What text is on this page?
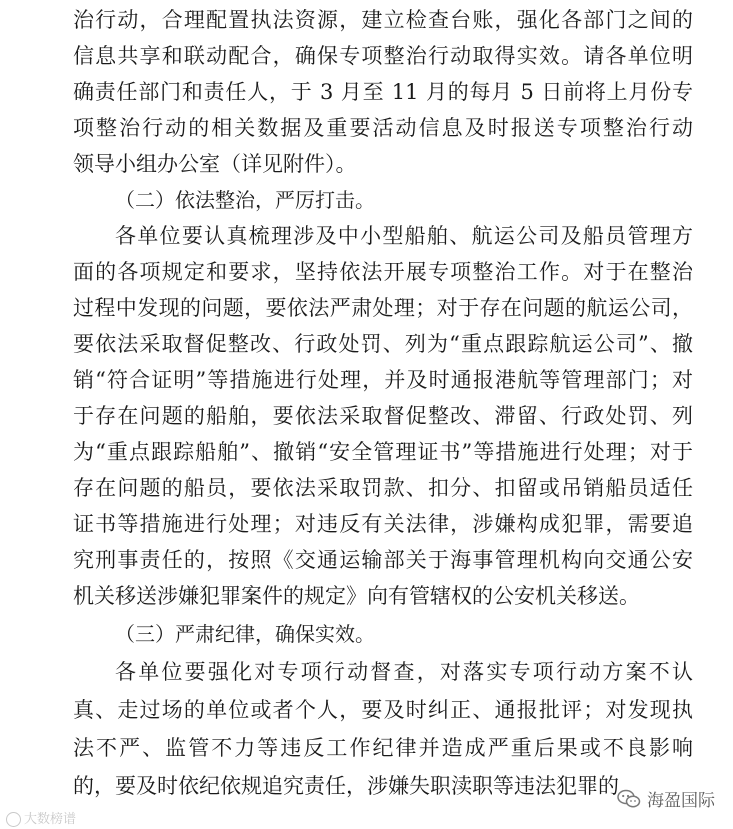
治行动，合理配置执法资源，建立检查台账，强化各部门之间的
信息共享和联动配合，确保专项整治行动取得实效。请各单位明
确责任部门和责任人，于 3 月至 11 月的每月 5 日前将上月份专
项整治行动的相关数据及重要活动信息及时报送专项整治行动
领导小组办公室（详见附件）。
（二）依法整治，严厉打击。
各单位要认真梳理涉及中小型船舶、航运公司及船员管理方
面的各项规定和要求，坚持依法开展专项整治工作。对于在整治
过程中发现的问题，要依法严肃处理；对于存在问题的航运公司，
要依法采取督促整改、行政处罚、列为“重点跟踪航运公司”、撤
销“符合证明”等措施进行处理，并及时通报港航等管理部门；对
于存在问题的船舶，要依法采取督促整改、滞留、行政处罚、列
为“重点跟踪船舶”、撤销“安全管理证书”等措施进行处理；对于
存在问题的船员，要依法采取罚款、扣分、扣留或吊销船员适任
证书等措施进行处理；对违反有关法律，涉嫌构成犯罪，需要追
究刑事责任的，按照《交通运输部关于海事管理机构向交通公安
机关移送涉嫌犯罪案件的规定》向有管辖权的公安机关移送。
（三）严肃纪律，确保实效。
各单位要强化对专项行动督查，对落实专项行动方案不认
真、走过场的单位或者个人，要及时纠正、通报批评；对发现执
法不严、监管不力等违反工作纪律并造成严重后果或不良影响
的，要及时依纪依规追究责任，涉嫌失职渎职等违法犯罪的
大数榜谱
海盈国际
